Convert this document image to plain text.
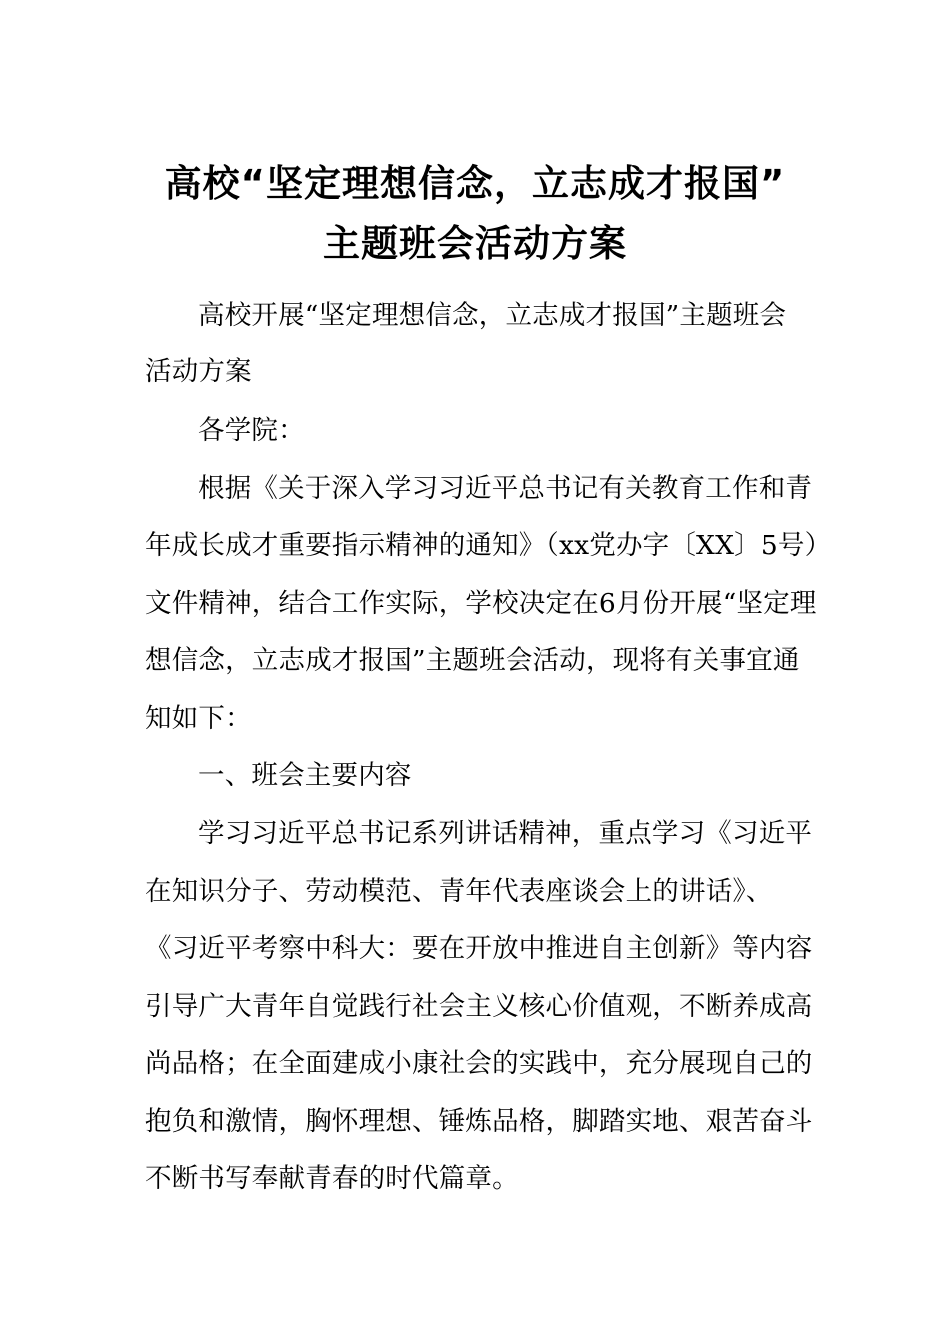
高校“坚定理想信念，立志成才报国”
主题班会活动方案
高校开展“坚定理想信念，立志成才报国”主题班会
活动方案
各学院：
根据《关于深入学习习近平总书记有关教育工作和青
年成长成才重要指示精神的通知》（xx党办字〔XX〕5号）
文件精神，结合工作实际，学校决定在6月份开展“坚定理
想信念，立志成才报国”主题班会活动，现将有关事宜通
知如下：
一、班会主要内容
学习习近平总书记系列讲话精神，重点学习《习近平
在知识分子、劳动模范、青年代表座谈会上的讲话》、
《习近平考察中科大：要在开放中推进自主创新》等内容
引导广大青年自觉践行社会主义核心价值观，不断养成高
尚品格；在全面建成小康社会的实践中，充分展现自己的
抱负和激情，胸怀理想、锤炼品格，脚踏实地、艰苦奋斗
不断书写奉献青春的时代篇章。
